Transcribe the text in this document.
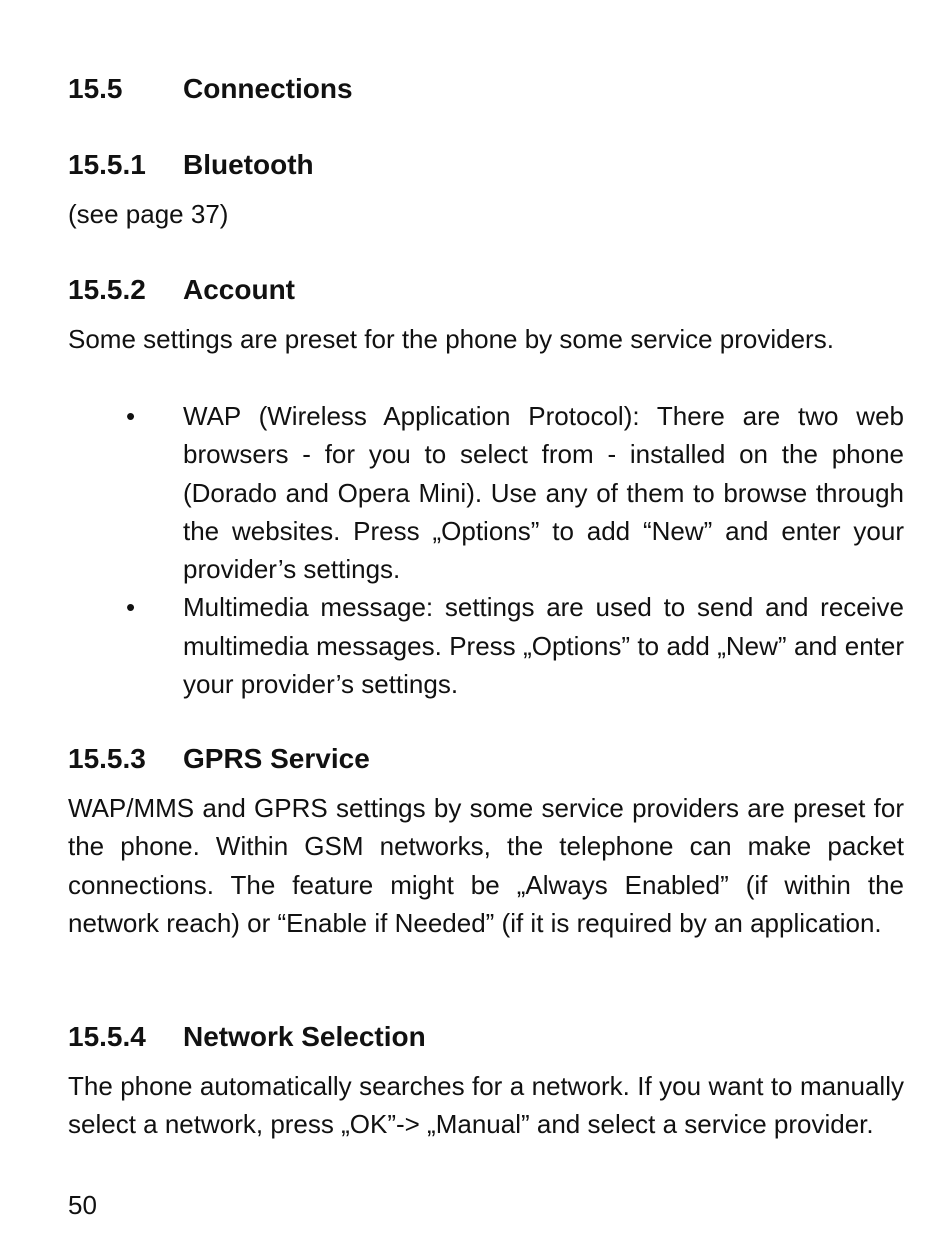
15.5 Connections
15.5.1 Bluetooth

(see page 37)

15.5.2 Account

Some settings are preset for the phone by some service providers.

• WAP (Wireless Application Protocol): There are two web browsers - for you to select from - installed on the phone (Dorado and Opera Mini). Use any of them to browse through the websites. Press „Options” to add “New” and enter your provider’s settings.
• Multimedia message: settings are used to send and receive multimedia messages. Press „Options” to add „New” and enter your provider’s settings.
15.5.3 GPRS Service

WAP/MMS and GPRS settings by some service providers are preset for the phone. Within GSM networks, the telephone can make packet connections. The feature might be „Always Enabled” (if within the network reach) or “Enable if Needed” (if it is required by an application.

15.5.4 Network Selection

The phone automatically searches for a network. If you want to manually select a network, press „OK”-> „Manual” and select a service provider.

50
